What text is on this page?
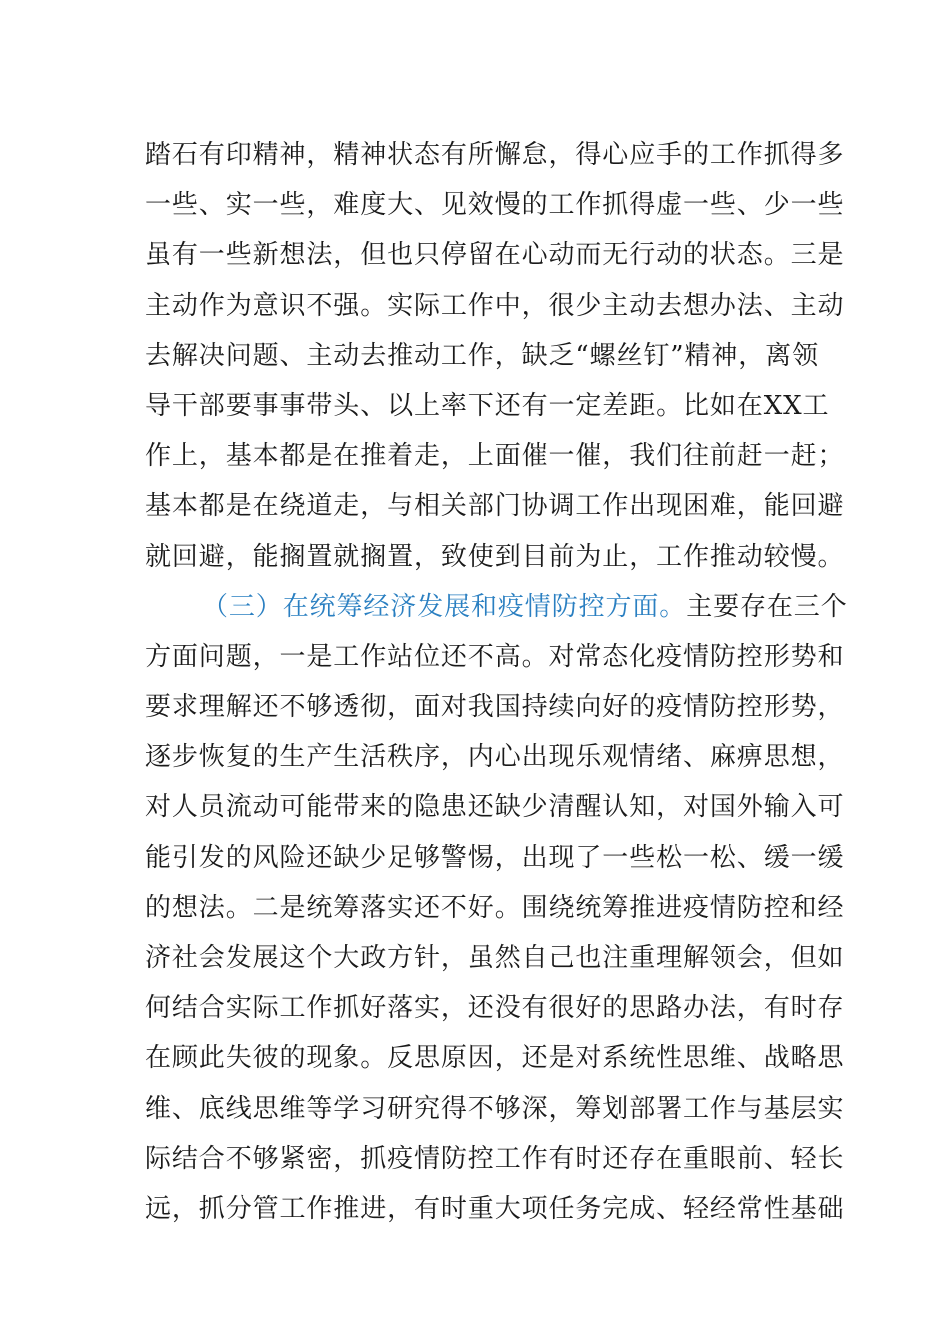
踏石有印精神，精神状态有所懈怠，得心应手的工作抓得多
一些、实一些，难度大、见效慢的工作抓得虚一些、少一些
虽有一些新想法，但也只停留在心动而无行动的状态。三是
主动作为意识不强。实际工作中，很少主动去想办法、主动
去解决问题、主动去推动工作，缺乏“螺丝钉”精神，离领
导干部要事事带头、以上率下还有一定差距。比如在XX工
作上，基本都是在推着走，上面催一催，我们往前赶一赶；
基本都是在绕道走，与相关部门协调工作出现困难，能回避
就回避，能搁置就搁置，致使到目前为止，工作推动较慢。
（三）在统筹经济发展和疫情防控方面。主要存在三个
方面问题，一是工作站位还不高。对常态化疫情防控形势和
要求理解还不够透彻，面对我国持续向好的疫情防控形势，
逐步恢复的生产生活秩序，内心出现乐观情绪、麻痹思想，
对人员流动可能带来的隐患还缺少清醒认知，对国外输入可
能引发的风险还缺少足够警惕，出现了一些松一松、缓一缓
的想法。二是统筹落实还不好。围绕统筹推进疫情防控和经
济社会发展这个大政方针，虽然自己也注重理解领会，但如
何结合实际工作抓好落实，还没有很好的思路办法，有时存
在顾此失彼的现象。反思原因，还是对系统性思维、战略思
维、底线思维等学习研究得不够深，筹划部署工作与基层实
际结合不够紧密，抓疫情防控工作有时还存在重眼前、轻长
远，抓分管工作推进，有时重大项任务完成、轻经常性基础
